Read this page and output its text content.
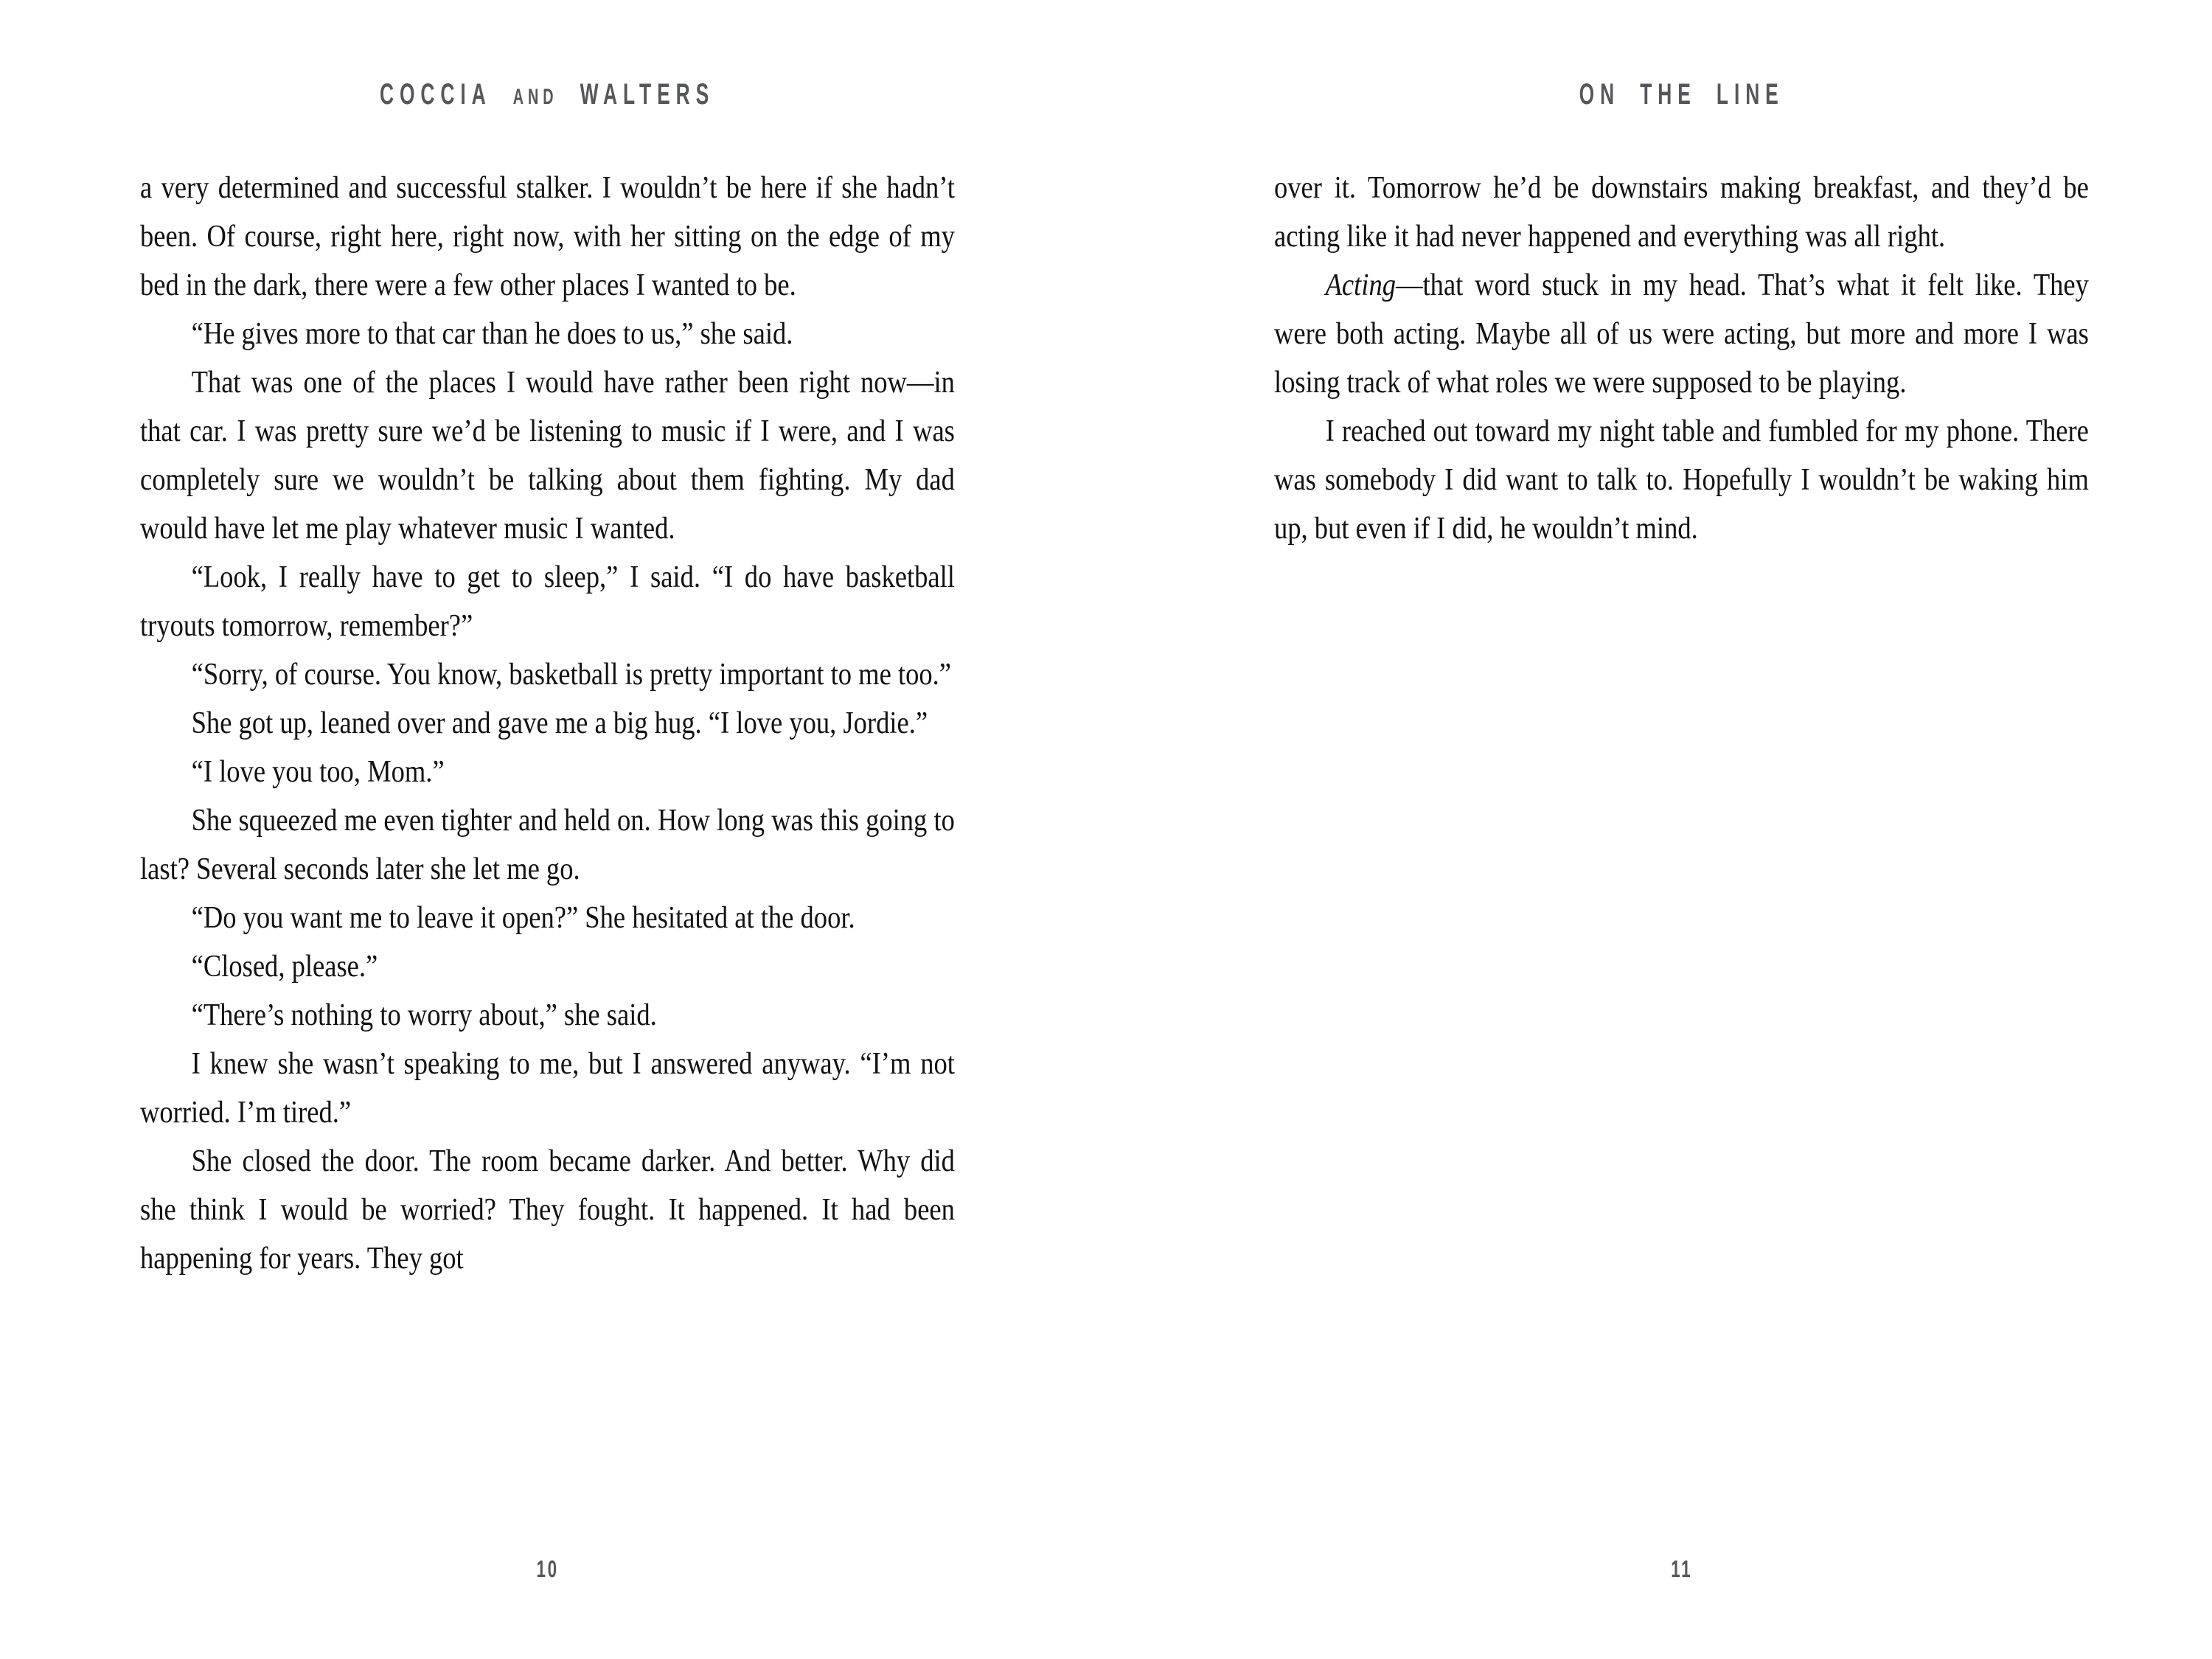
COCCIA AND WALTERS

a very determined and successful stalker. I wouldn’t be here if she hadn’t been. Of course, right here, right now, with her sitting on the edge of my bed in the dark, there were a few other places I wanted to be.

“He gives more to that car than he does to us,” she said.

That was one of the places I would have rather been right now—in that car. I was pretty sure we’d be listening to music if I were, and I was completely sure we wouldn’t be talking about them fighting. My dad would have let me play whatever music I wanted.

“Look, I really have to get to sleep,” I said. “I do have basketball tryouts tomorrow, remember?”

“Sorry, of course. You know, basketball is pretty important to me too.”

She got up, leaned over and gave me a big hug. “I love you, Jordie.”

“I love you too, Mom.”

She squeezed me even tighter and held on. How long was this going to last? Several seconds later she let me go.

“Do you want me to leave it open?” She hesitated at the door.

“Closed, please.”

“There’s nothing to worry about,” she said.

I knew she wasn’t speaking to me, but I answered anyway. “I’m not worried. I’m tired.”

She closed the door. The room became darker. And better. Why did she think I would be worried? They fought. It happened. It had been happening for years. They got

10
ON THE LINE

over it. Tomorrow he’d be downstairs making breakfast, and they’d be acting like it had never happened and everything was all right.

Acting—that word stuck in my head. That’s what it felt like. They were both acting. Maybe all of us were acting, but more and more I was losing track of what roles we were supposed to be playing.

I reached out toward my night table and fumbled for my phone. There was somebody I did want to talk to. Hopefully I wouldn’t be waking him up, but even if I did, he wouldn’t mind.

11
